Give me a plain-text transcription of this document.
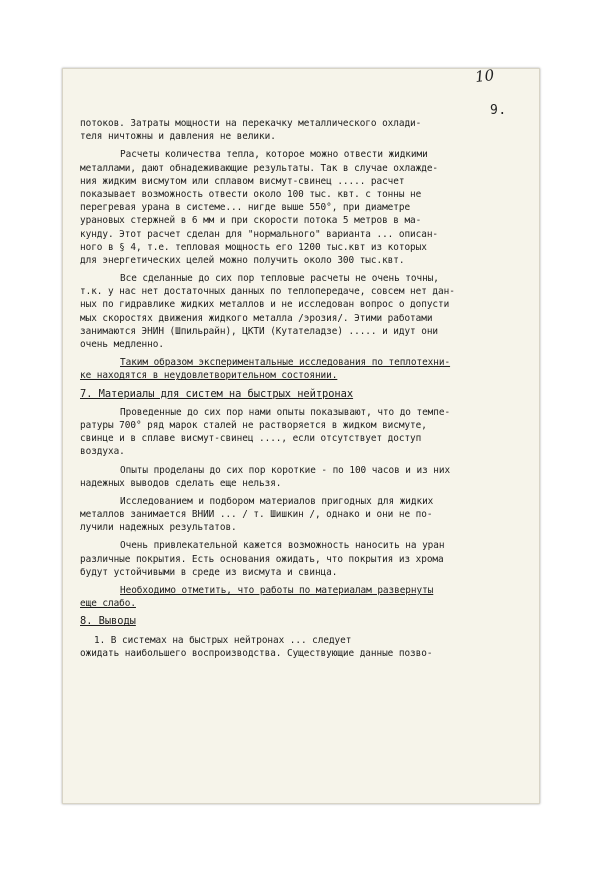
10
9.
потоков. Затраты мощности на перекачку металлического охлади-
теля ничтожны и давления не велики.
Расчеты количества тепла, которое можно отвести жидкими
металлами, дают обнадеживающие результаты. Так в случае охлажде-
ния жидким висмутом или сплавом висмут-свинец ..... расчет
показывает возможность отвести около 100 тыс. квт. с тонны не
перегревая урана в системе... нигде выше 550°, при диаметре
урановых стержней в 6 мм и при скорости потока 5 метров в ма-
кунду. Этот расчет сделан для "нормального" варианта ... описан-
ного в § 4, т.е. тепловая мощность его 1200 тыс.квт из которых
для энергетических целей можно получить около 300 тыс.квт.
Все сделанные до сих пор тепловые расчеты не очень точны,
т.к. у нас нет достаточных данных по теплопередаче, совсем нет дан-
ных по гидравлике жидких металлов и не исследован вопрос о допусти
мых скоростях движения жидкого металла /эрозия/. Этими работами
занимаются ЭНИН (Шпильрайн), ЦКТИ (Кутателадзе) ..... и идут они
очень медленно.
Таким образом экспериментальные исследования по теплотехни-
ке находятся в неудовлетворительном состоянии.
7. Материалы для систем на быстрых нейтронах
Проведенные до сих пор нами опыты показывают, что до темпе-
ратуры 700° ряд марок сталей не растворяется в жидком висмуте,
свинце и в сплаве висмут-свинец ...., если отсутствует доступ
воздуха.
Опыты проделаны до сих пор короткие - по 100 часов и из них
надежных выводов сделать еще нельзя.
Исследованием и подбором материалов пригодных для жидких
металлов занимается ВНИИ ... / т. Шишкин /, однако и они не по-
лучили надежных результатов.
Очень привлекательной кажется возможность наносить на уран
различные покрытия. Есть основания ожидать, что покрытия из хрома
будут устойчивыми в среде из висмута и свинца.
Необходимо отметить, что работы по материалам развернуты
еще слабо.
8. Выводы
1. В системах на быстрых нейтронах ... следует
ожидать наибольшего воспроизводства. Существующие данные позво-
